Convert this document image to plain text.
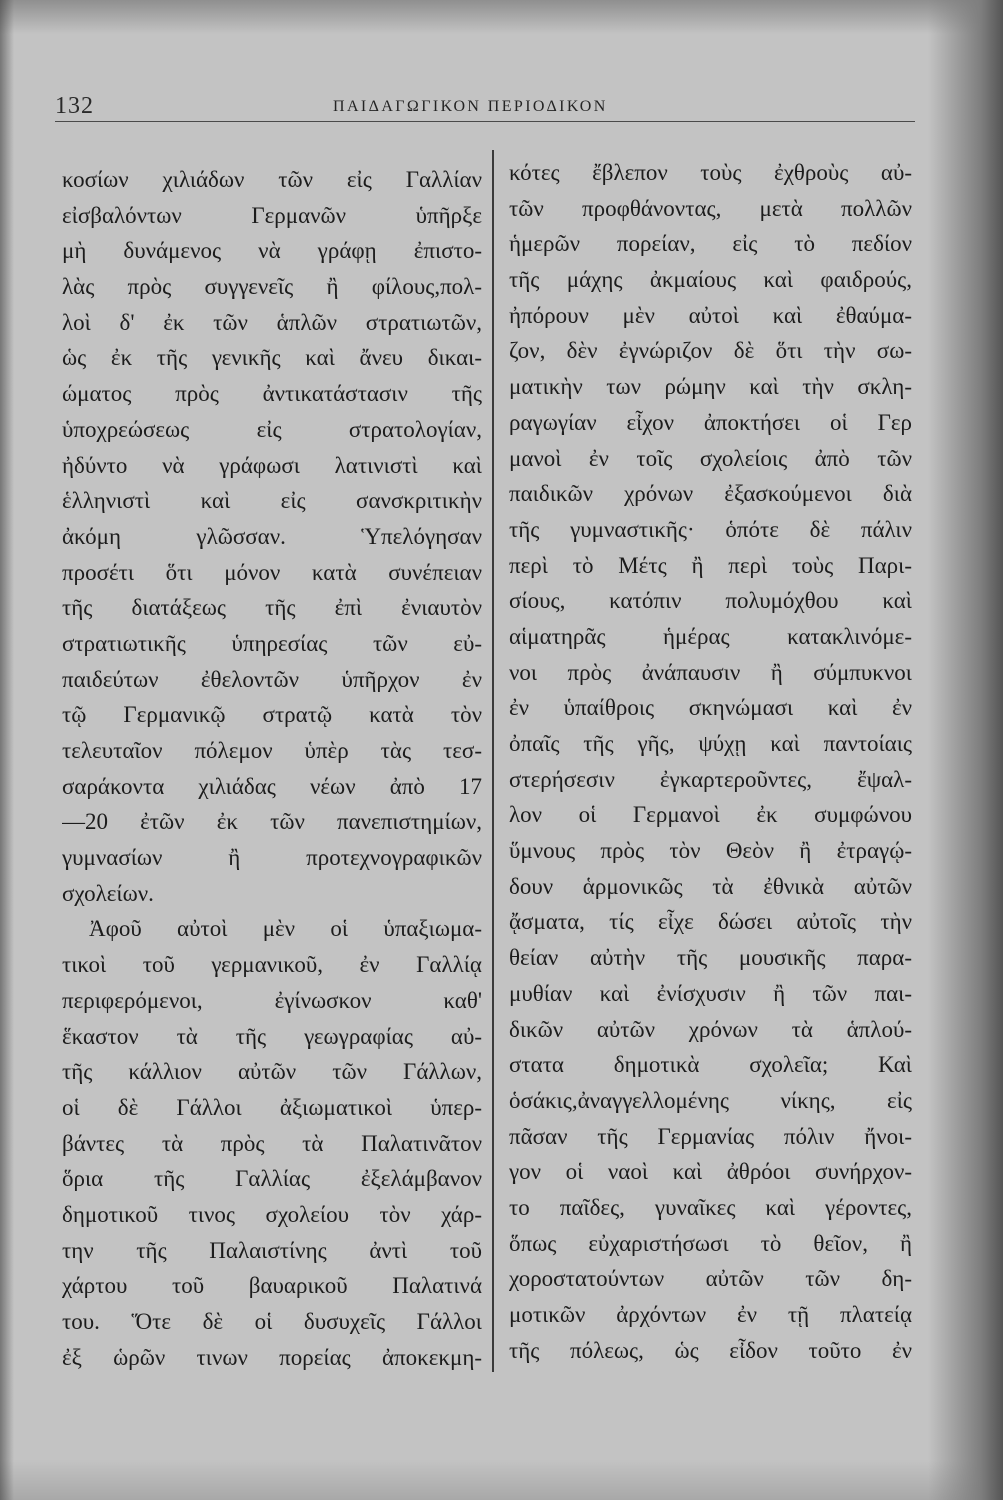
132	ΠΑΙΔΑΓΩΓΙΚΟΝ ΠΕΡΙΟΔΙΚΟΝ
κοσίων χιλιάδων τῶν εἰς Γαλλίαν
εἰσβαλόντων Γερμανῶν ὑπῆρξε
μὴ δυνάμενος νὰ γράφῃ ἐπιστο-
λὰς πρὸς συγγενεῖς ἢ φίλους,πολ-
λοὶ δ' ἐκ τῶν ἁπλῶν στρατιωτῶν,
ὡς ἐκ τῆς γενικῆς καὶ ἄνευ δικαι-
ώματος πρὸς ἀντικατάστασιν τῆς
ὑποχρεώσεως εἰς στρατολογίαν,
ἠδύντο νὰ γράφωσι λατινιστὶ καὶ
ἑλληνιστὶ καὶ εἰς σανσκριτικὴν
ἀκόμη γλῶσσαν. Ὑπελόγησαν
προσέτι ὅτι μόνον κατὰ συνέπειαν
τῆς διατάξεως τῆς ἐπὶ ἐνιαυτὸν
στρατιωτικῆς ὑπηρεσίας τῶν εὐ-
παιδεύτων ἐθελοντῶν ὑπῆρχον ἐν
τῷ Γερμανικῷ στρατῷ κατὰ τὸν
τελευταῖον πόλεμον ὑπὲρ τὰς τεσ-
σαράκοντα χιλιάδας νέων ἀπὸ 17
—20 ἐτῶν ἐκ τῶν πανεπιστημίων,
γυμνασίων ἢ προτεχνογραφικῶν
σχολείων.
Ἀφοῦ αὐτοὶ μὲν οἱ ὑπαξιωμα-
τικοὶ τοῦ γερμανικοῦ, ἐν Γαλλίᾳ
περιφερόμενοι, ἐγίνωσκον καθ'
ἕκαστον τὰ τῆς γεωγραφίας αὐ-
τῆς κάλλιον αὐτῶν τῶν Γάλλων,
οἱ δὲ Γάλλοι ἀξιωματικοὶ ὑπερ-
βάντες τὰ πρὸς τὰ Παλατινᾶτον
ὅρια τῆς Γαλλίας ἐξελάμβανον
δημοτικοῦ τινος σχολείου τὸν χάρ-
την τῆς Παλαιστίνης ἀντὶ τοῦ
χάρτου τοῦ βαυαρικοῦ Παλατινά
του. Ὅτε δὲ οἱ δυσυχεῖς Γάλλοι
ἐξ ὡρῶν τινων πορείας ἀποκεκμη-
κότες ἔβλεπον τοὺς ἐχθροὺς αὐ-
τῶν προφθάνοντας, μετὰ πολλῶν
ἡμερῶν πορείαν, εἰς τὸ πεδίον
τῆς μάχης ἀκμαίους καὶ φαιδρούς,
ἠπόρουν μὲν αὐτοὶ καὶ ἐθαύμα-
ζον, δὲν ἐγνώριζον δὲ ὅτι τὴν σω-
ματικὴν των ρώμην καὶ τὴν σκλη-
ραγωγίαν εἶχον ἀποκτήσει οἱ Γερ
μανοὶ ἐν τοῖς σχολείοις ἀπὸ τῶν
παιδικῶν χρόνων ἐξασκούμενοι διὰ
τῆς γυμναστικῆς· ὁπότε δὲ πάλιν
περὶ τὸ Μέτς ἢ περὶ τοὺς Παρι-
σίους, κατόπιν πολυμόχθου καὶ
αἱματηρᾶς ἡμέρας κατακλινόμε-
νοι πρὸς ἀνάπαυσιν ἢ σύμπυκνοι
ἐν ὑπαίθροις σκηνώμασι καὶ ἐν
ὀπαῖς τῆς γῆς, ψύχῃ καὶ παντοίαις
στερήσεσιν ἐγκαρτεροῦντες, ἔψαλ-
λον οἱ Γερμανοὶ ἐκ συμφώνου
ὕμνους πρὸς τὸν Θεὸν ἢ ἐτραγῴ-
δουν ἁρμονικῶς τὰ ἐθνικὰ αὐτῶν
ᾄσματα, τίς εἶχε δώσει αὐτοῖς τὴν
θείαν αὐτὴν τῆς μουσικῆς παρα-
μυθίαν καὶ ἐνίσχυσιν ἢ τῶν παι-
δικῶν αὐτῶν χρόνων τὰ ἁπλού-
στατα δημοτικὰ σχολεῖα; Καὶ
ὁσάκις,ἀναγγελλομένης νίκης, εἰς
πᾶσαν τῆς Γερμανίας πόλιν ἤνοι-
γον οἱ ναοὶ καὶ ἀθρόοι συνήρχον-
το παῖδες, γυναῖκες καὶ γέροντες,
ὅπως εὐχαριστήσωσι τὸ θεῖον, ἢ
χοροστατούντων αὐτῶν τῶν δη-
μοτικῶν ἀρχόντων ἐν τῇ πλατείᾳ
τῆς πόλεως, ὡς εἶδον τοῦτο ἐν
